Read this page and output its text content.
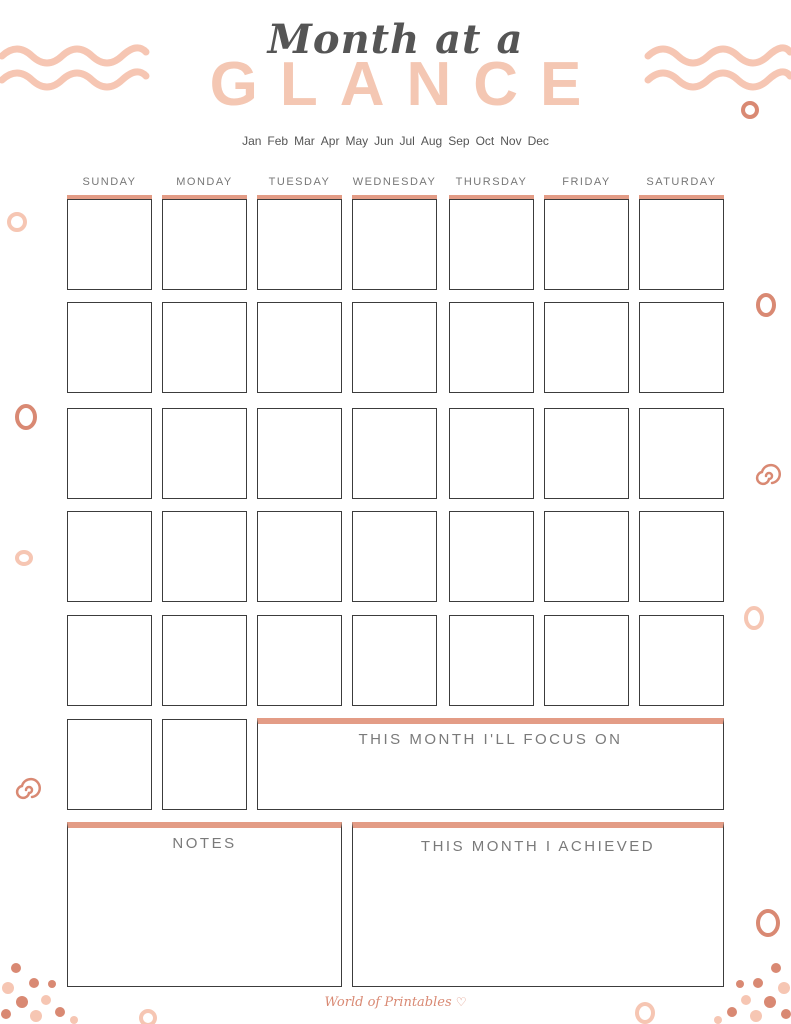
Month at a
GLANCE
Jan Feb Mar Apr May Jun Jul Aug Sep Oct Nov Dec
SUNDAY	MONDAY	TUESDAY	WEDNESDAY	THURSDAY	FRIDAY	SATURDAY
THIS MONTH I'LL FOCUS ON
NOTES	THIS MONTH I ACHIEVED
World of Printables ♡
